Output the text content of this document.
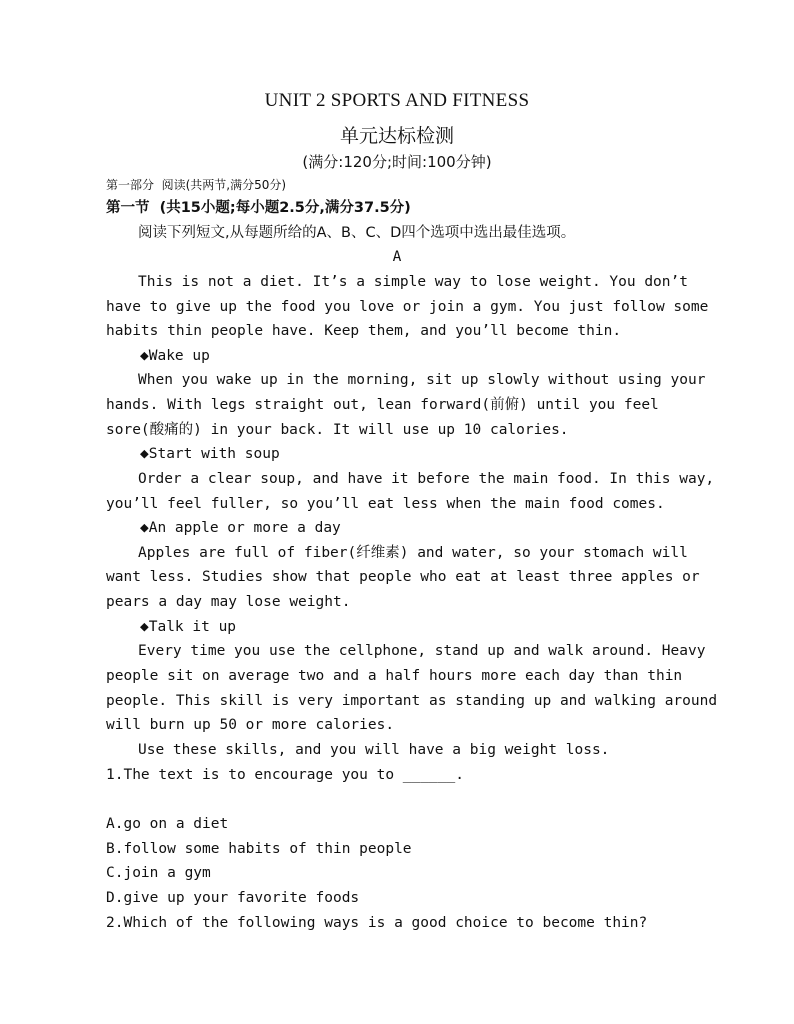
UNIT 2 SPORTS AND FITNESS
单元达标检测
(满分:120分;时间:100分钟)
第一部分  阅读(共两节,满分50分)
第一节  (共15小题;每小题2.5分,满分37.5分)
阅读下列短文,从每题所给的A、B、C、D四个选项中选出最佳选项。
A
This is not a diet. It’s a simple way to lose weight. You don’t
have to give up the food you love or join a gym. You just follow some
habits thin people have. Keep them, and you’ll become thin.
◆Wake up
When you wake up in the morning, sit up slowly without using your
hands. With legs straight out, lean forward(前俯) until you feel
sore(酸痛的) in your back. It will use up 10 calories.
◆Start with soup
Order a clear soup, and have it before the main food. In this way,
you’ll feel fuller, so you’ll eat less when the main food comes.
◆An apple or more a day
Apples are full of fiber(纤维素) and water, so your stomach will
want less. Studies show that people who eat at least three apples or
pears a day may lose weight.
◆Talk it up
Every time you use the cellphone, stand up and walk around. Heavy
people sit on average two and a half hours more each day than thin
people. This skill is very important as standing up and walking around
will burn up 50 or more calories.
Use these skills, and you will have a big weight loss.
1.The text is to encourage you to ______.
A.go on a diet
B.follow some habits of thin people
C.join a gym
D.give up your favorite foods
2.Which of the following ways is a good choice to become thin?
